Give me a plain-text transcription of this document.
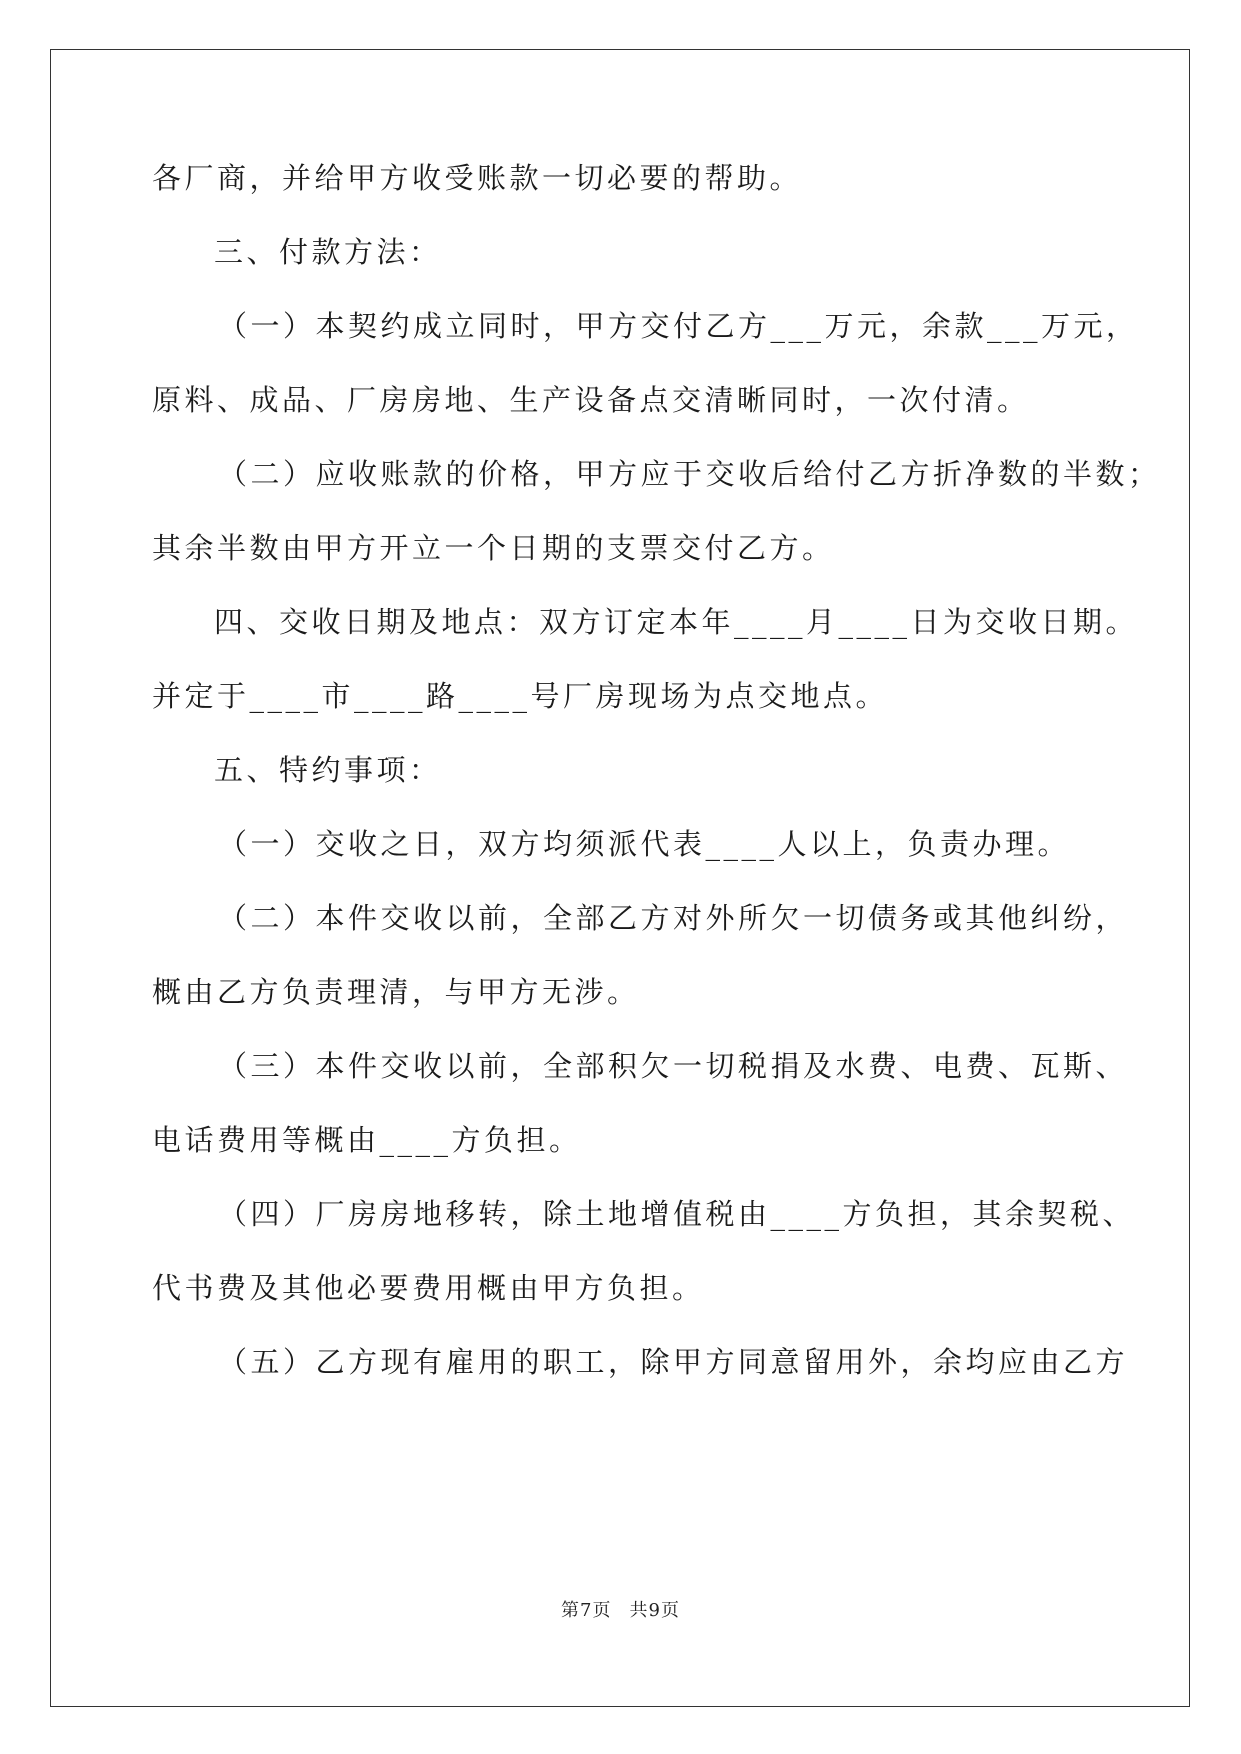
各厂商，并给甲方收受账款一切必要的帮助。
三、付款方法：
（一）本契约成立同时，甲方交付乙方___万元，余款___万元，
原料、成品、厂房房地、生产设备点交清晰同时，一次付清。
（二）应收账款的价格，甲方应于交收后给付乙方折净数的半数；
其余半数由甲方开立一个日期的支票交付乙方。
四、交收日期及地点：双方订定本年____月____日为交收日期。
并定于____市____路____号厂房现场为点交地点。
五、特约事项：
（一）交收之日，双方均须派代表____人以上，负责办理。
（二）本件交收以前，全部乙方对外所欠一切债务或其他纠纷，
概由乙方负责理清，与甲方无涉。
（三）本件交收以前，全部积欠一切税捐及水费、电费、瓦斯、
电话费用等概由____方负担。
（四）厂房房地移转，除土地增值税由____方负担，其余契税、
代书费及其他必要费用概由甲方负担。
（五）乙方现有雇用的职工，除甲方同意留用外，余均应由乙方
第7页 共9页
